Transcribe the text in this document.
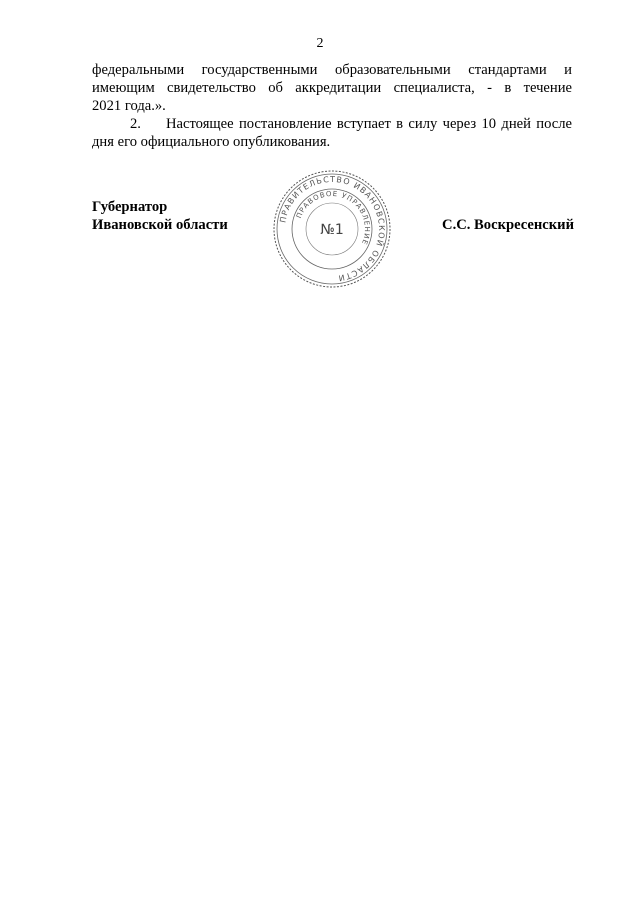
2
федеральными государственными образовательными стандартами и
имеющим свидетельство об аккредитации специалиста, - в течение
2021 года.».
2. Настоящее постановление вступает в силу через 10 дней после
дня его официального опубликования.
Губернатор
Ивановской области	С.С. Воскресенский
ПРАВИТЕЛЬСТВО ИВАНОВСКОЙ ОБЛАСТИ
ПРАВОВОЕ УПРАВЛЕНИЕ
№1
